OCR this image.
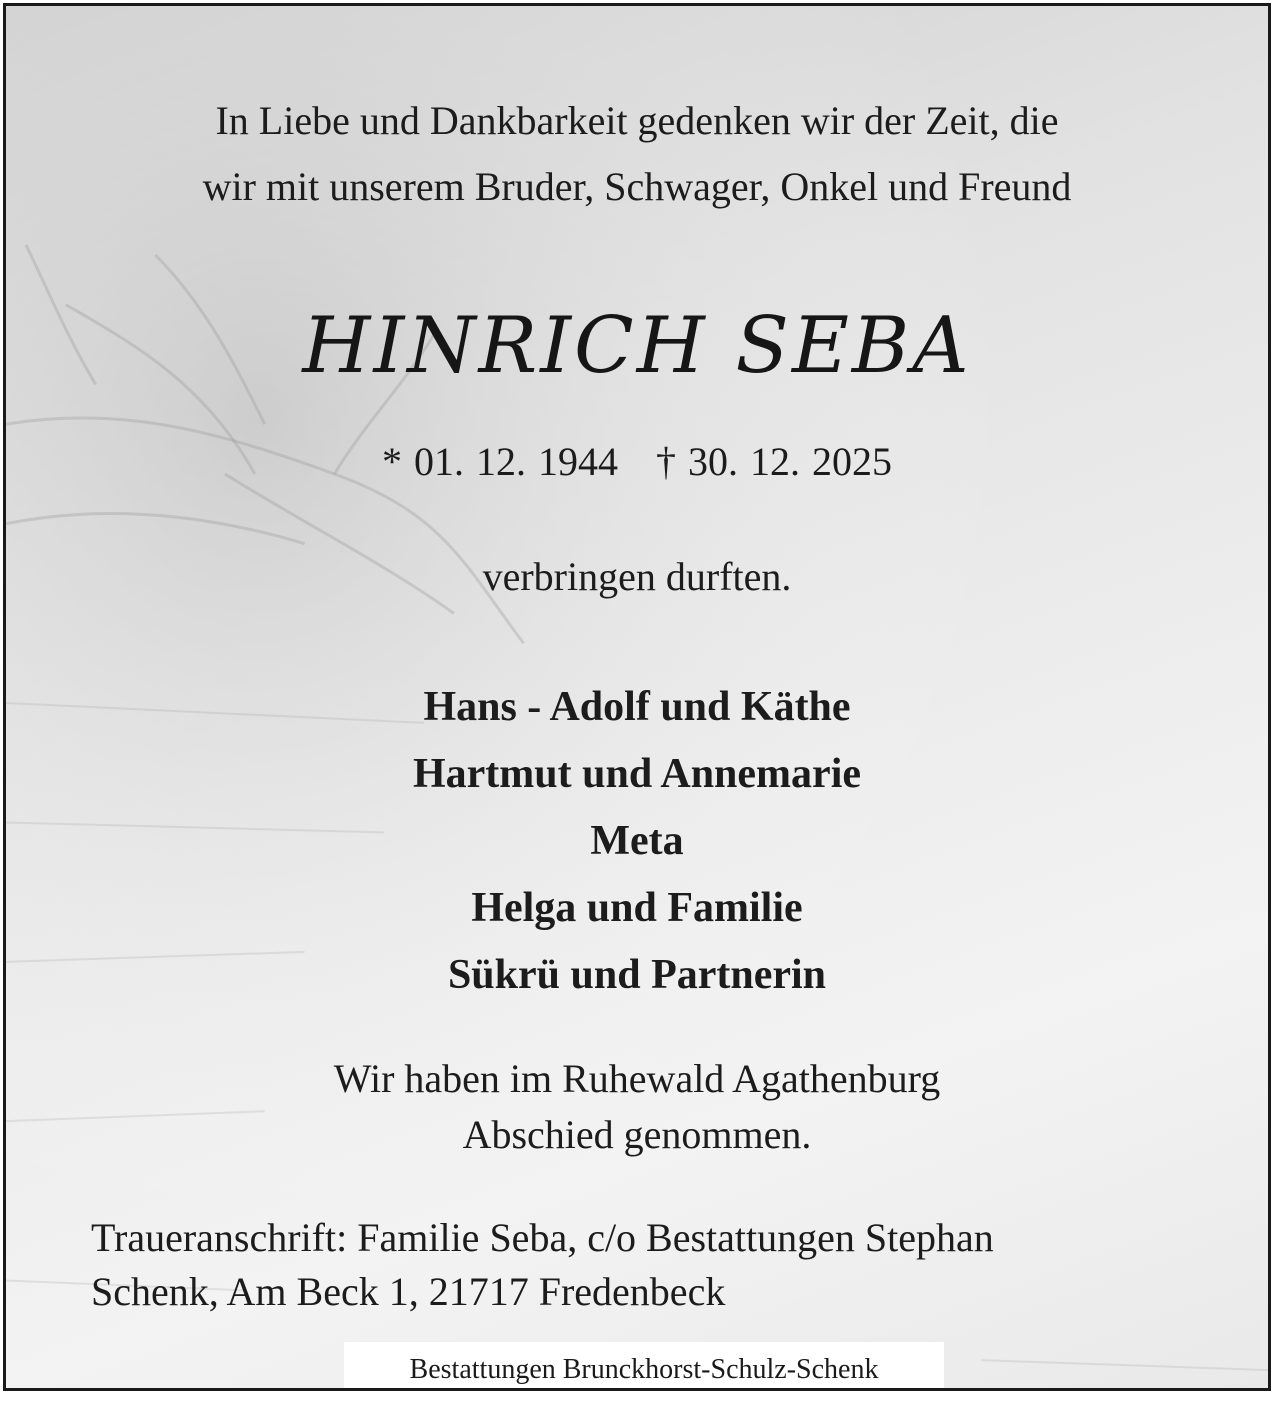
In Liebe und Dankbarkeit gedenken wir der Zeit, die
wir mit unserem Bruder, Schwager, Onkel und Freund
HINRICH SEBA
* 01. 12. 1944 † 30. 12. 2025
verbringen durften.
Hans - Adolf und Käthe
Hartmut und Annemarie
Meta
Helga und Familie
Sükrü und Partnerin
Wir haben im Ruhewald Agathenburg
Abschied genommen.
Traueranschrift: Familie Seba, c/o Bestattungen Stephan
Schenk, Am Beck 1, 21717 Fredenbeck
Bestattungen Brunckhorst-Schulz-Schenk
